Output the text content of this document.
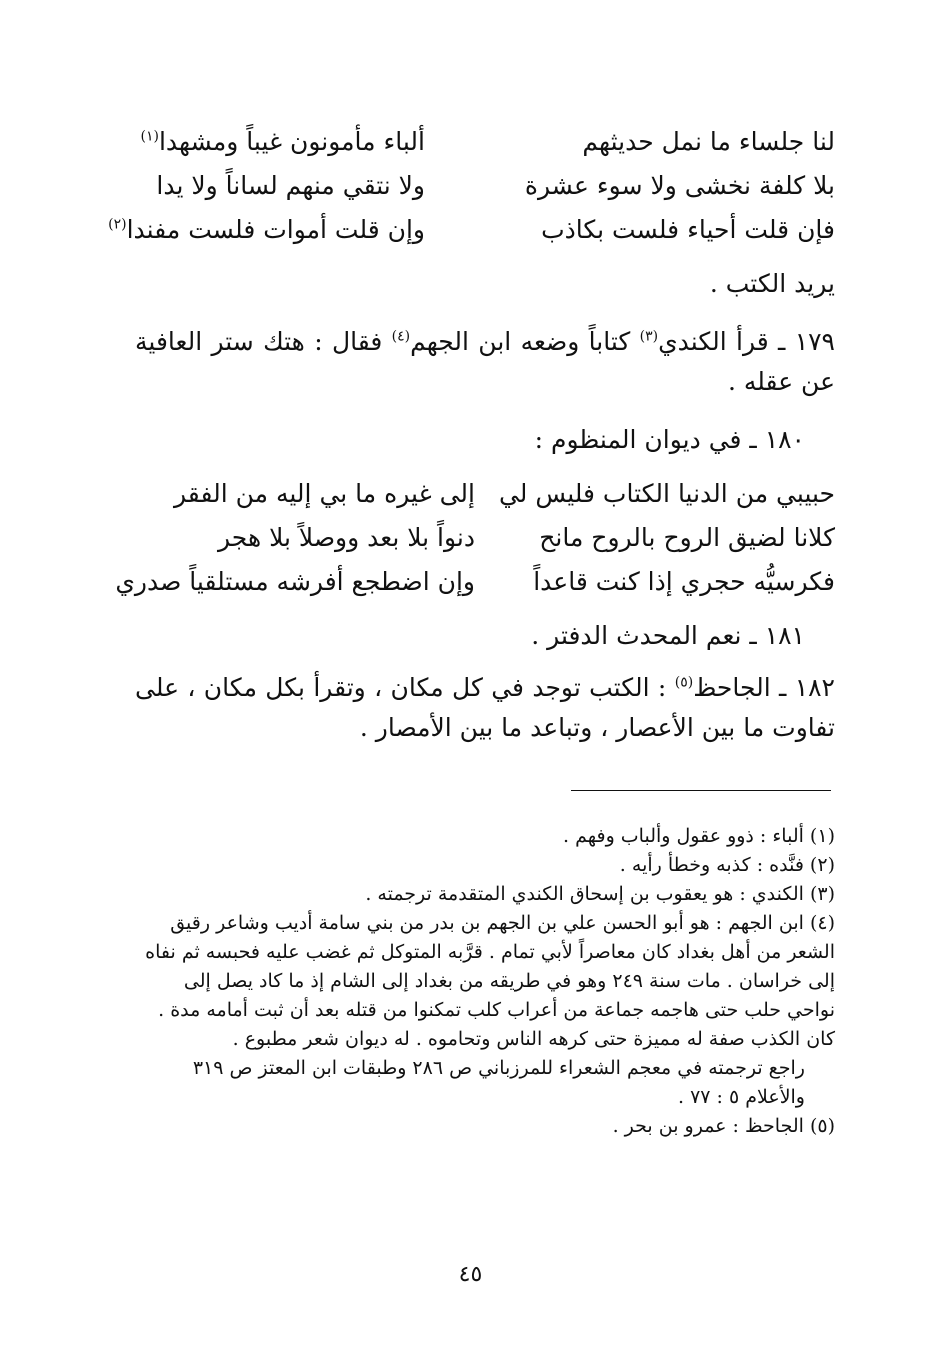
لنا جلساء ما نمل حديثهم
ألباء مأمونون غيباً ومشهدا$^{(١)}$
بلا كلفة نخشى ولا سوء عشرة
ولا نتقي منهم لساناً ولا يدا
فإن قلت أحياء فلست بكاذب
وإن قلت أموات فلست مفندا$^{(٢)}$

يريد الكتب .

١٧٩ ـ قرأ الكندي$^{(٣)}$ كتاباً وضعه ابن الجهم$^{(٤)}$ فقال : هتك ستر العافية عن عقله .

١٨٠ ـ في ديوان المنظوم :

حبيبي من الدنيا الكتاب فليس لي
إلى غيره ما بي إليه من الفقر
كلانا لضيق الروح بالروح مانح
دنواً بلا بعد ووصلاً بلا هجر
فكرسيُّه حجري إذا كنت قاعداً
وإن اضطجع أفرشه مستلقياً صدري

١٨١ ـ نعم المحدث الدفتر .

١٨٢ ـ الجاحظ$^{(٥)}$ : الكتب توجد في كل مكان ، وتقرأ بكل مكان ، على تفاوت ما بين الأعصار ، وتباعد ما بين الأمصار .

(١) ألباء : ذوو عقول وألباب وفهم .

(٢) فنَّده : كذبه وخطأ رأيه .

(٣) الكندي : هو يعقوب بن إسحاق الكندي المتقدمة ترجمته .

(٤) ابن الجهم : هو أبو الحسن علي بن الجهم بن بدر من بني سامة أديب وشاعر رقيق الشعر من أهل بغداد كان معاصراً لأبي تمام . قرَّبه المتوكل ثم غضب عليه فحبسه ثم نفاه إلى خراسان . مات سنة ٢٤٩ وهو في طريقه من بغداد إلى الشام إذ ما كاد يصل إلى نواحي حلب حتى هاجمه جماعة من أعراب كلب تمكنوا من قتله بعد أن ثبت أمامه مدة . كان الكذب صفة له مميزة حتى كرهه الناس وتحاموه . له ديوان شعر مطبوع .

راجع ترجمته في معجم الشعراء للمرزباني ص ٢٨٦ وطبقات ابن المعتز ص ٣١٩ والأعلام ٥ : ٧٧ .

(٥) الجاحظ : عمرو بن بحر .

٤٥
